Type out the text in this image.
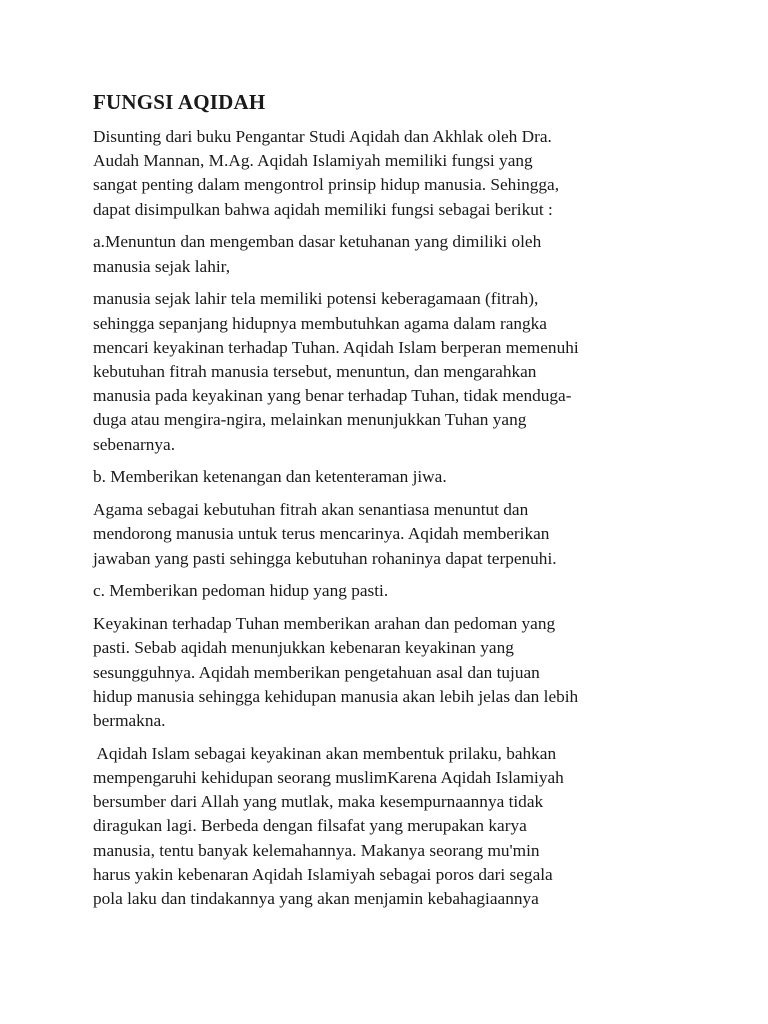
FUNGSI AQIDAH
Disunting dari buku Pengantar Studi Aqidah dan Akhlak oleh Dra.
Audah Mannan, M.Ag. Aqidah Islamiyah memiliki fungsi yang
sangat penting dalam mengontrol prinsip hidup manusia. Sehingga,
dapat disimpulkan bahwa aqidah memiliki fungsi sebagai berikut :
a.Menuntun dan mengemban dasar ketuhanan yang dimiliki oleh
manusia sejak lahir,
manusia sejak lahir tela memiliki potensi keberagamaan (fitrah),
sehingga sepanjang hidupnya membutuhkan agama dalam rangka
mencari keyakinan terhadap Tuhan. Aqidah Islam berperan memenuhi
kebutuhan fitrah manusia tersebut, menuntun, dan mengarahkan
manusia pada keyakinan yang benar terhadap Tuhan, tidak menduga-
duga atau mengira-ngira, melainkan menunjukkan Tuhan yang
sebenarnya.
b. Memberikan ketenangan dan ketenteraman jiwa.
Agama sebagai kebutuhan fitrah akan senantiasa menuntut dan
mendorong manusia untuk terus mencarinya. Aqidah memberikan
jawaban yang pasti sehingga kebutuhan rohaninya dapat terpenuhi.
c. Memberikan pedoman hidup yang pasti.
Keyakinan terhadap Tuhan memberikan arahan dan pedoman yang
pasti. Sebab aqidah menunjukkan kebenaran keyakinan yang
sesungguhnya. Aqidah memberikan pengetahuan asal dan tujuan
hidup manusia sehingga kehidupan manusia akan lebih jelas dan lebih
bermakna.
Aqidah Islam sebagai keyakinan akan membentuk prilaku, bahkan
mempengaruhi kehidupan seorang muslimKarena Aqidah Islamiyah
bersumber dari Allah yang mutlak, maka kesempurnaannya tidak
diragukan lagi. Berbeda dengan filsafat yang merupakan karya
manusia, tentu banyak kelemahannya. Makanya seorang mu'min
harus yakin kebenaran Aqidah Islamiyah sebagai poros dari segala
pola laku dan tindakannya yang akan menjamin kebahagiaannya
